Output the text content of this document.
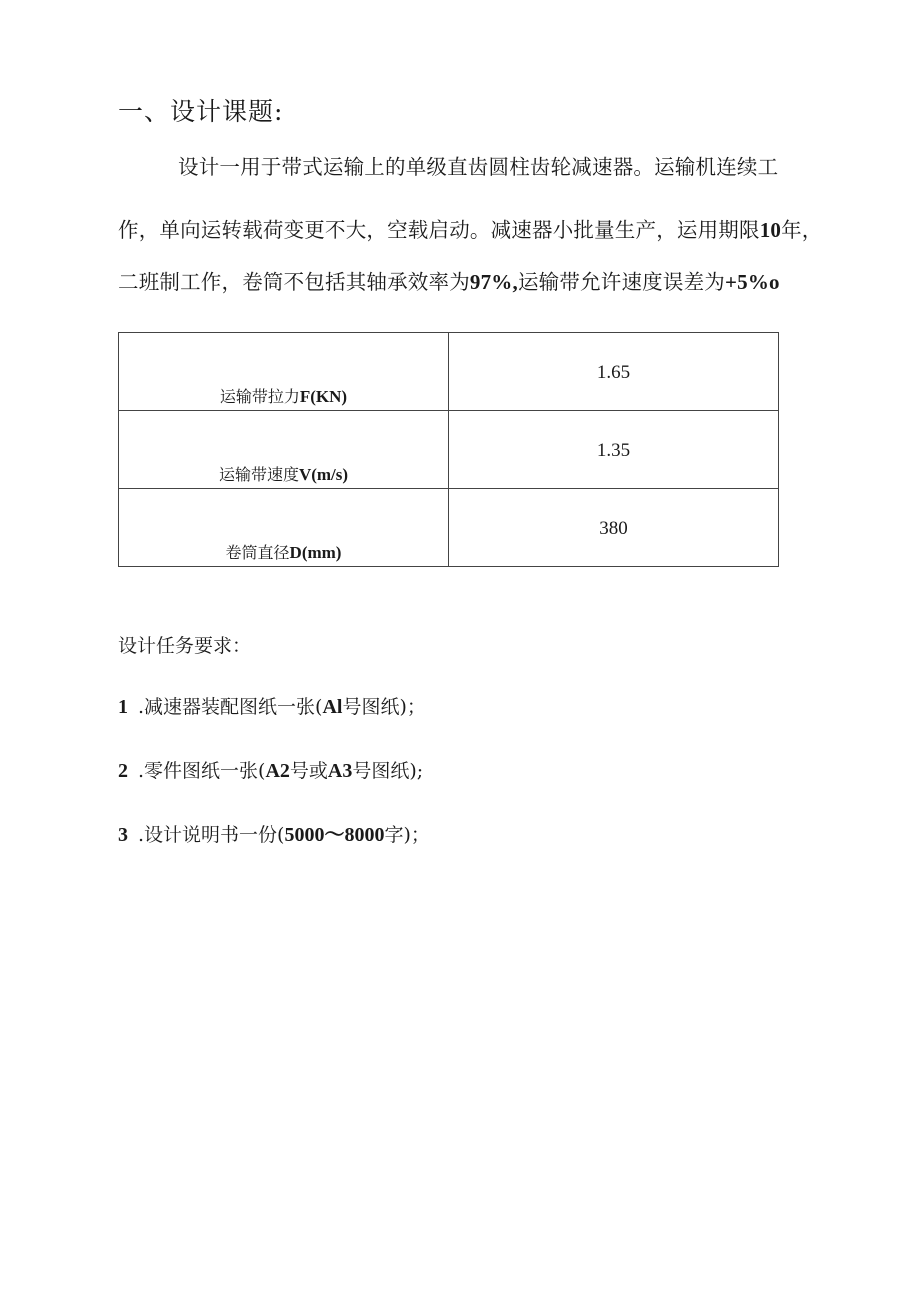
一、设计课题:
设计一用于带式运输上的单级直齿圆柱齿轮减速器。运输机连续工
作，单向运转载荷变更不大，空载启动。减速器小批量生产，运用期限10年，
二班制工作，卷筒不包括其轴承效率为97%,运输带允许速度误差为+5%o
运输带拉力F(KN)	1.65

运输带速度V(m/s)	1.35

卷筒直径D(mm)	380
设计任务要求：
1 .减速器装配图纸一张(Al号图纸)；
2 .零件图纸一张(A2号或A3号图纸);
3 .设计说明书一份(5000～8000字)；
